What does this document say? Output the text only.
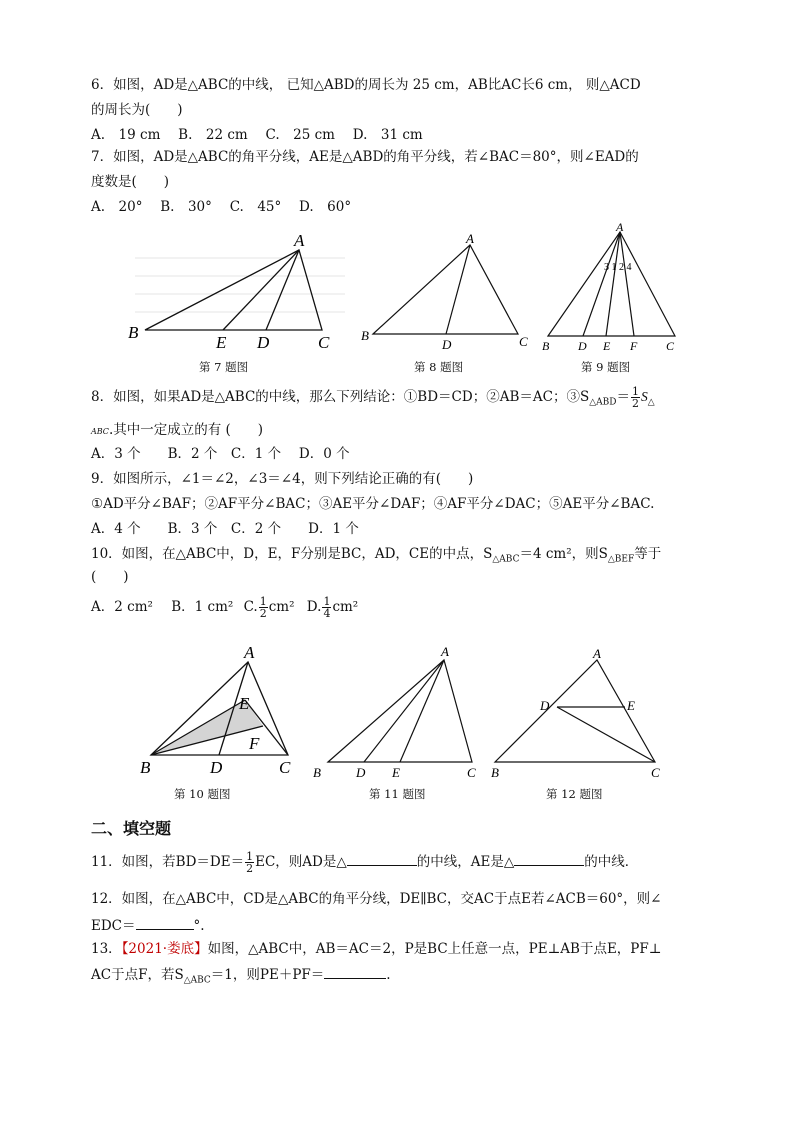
6．如图，AD是△ABC的中线， 已知△ABD的周长为 25 cm，AB比AC长6 cm， 则△ACD
的周长为(　　)
A.　19 cm　 B.　22 cm　 C.　25 cm　 D.　31 cm
7．如图，AD是△ABC的角平分线，AE是△ABD的角平分线，若∠BAC＝80°，则∠EAD的
度数是(　　)
A.　20°　 B.　30°　 C.　45°　 D.　60°
A
B
C
D
E
第 7 题图
A
B	C
D
第 8 题图
A
3 1 2 4
B D E F C
第 9 题图
8．如图，如果AD是△ABC的中线，那么下列结论：①BD＝CD；②AB＝AC；$③S_{\triangle ABD}= \frac{1}{2} S_\triangle$
ABC.其中一定成立的有 (　　)
A．3 个　　B．2 个　C．1 个　 D．0 个
9．如图所示，∠1＝∠2，∠3＝∠4，则下列结论正确的有(　　)
①AD平分∠BAF；②AF平分∠BAC；③AE平分∠DAF；④AF平分∠DAC；⑤AE平分∠BAC.
A．4 个　　B．3 个　C．2 个　　D．1 个
10．如图，在△ABC中，D，E，F分别是BC，AD，CE的中点，$S_{\triangle ABC}=4$ cm²，则$S_{\triangle BEF}$等于
(　　)
A．2 cm² B．1 cm² C. $\frac{1}{2} cm^2$ D. $\frac{1}{4} cm^2$
A
E
F
B	D	C
第 10 题图
A
B	D E	C
第 11 题图
A
D	E
B	C
第 12 题图
二、填空题
11．如图，若$BD=DE= \frac{1}{2}$ EC，则AD是△	的中线，AE是△	的中线．
12．如图，在△ABC中，CD是△ABC的角平分线，DE∥BC，交AC于点E若∠ACB＝60°，则∠
EDC＝	°.
13．【2021·娄底】如图，△ABC中，AB＝AC＝2，P是BC上任意一点，PE⊥AB于点E，PF⊥
AC于点F，若$S_{\triangle ABC}=1$，则PE＋PF＝	.
